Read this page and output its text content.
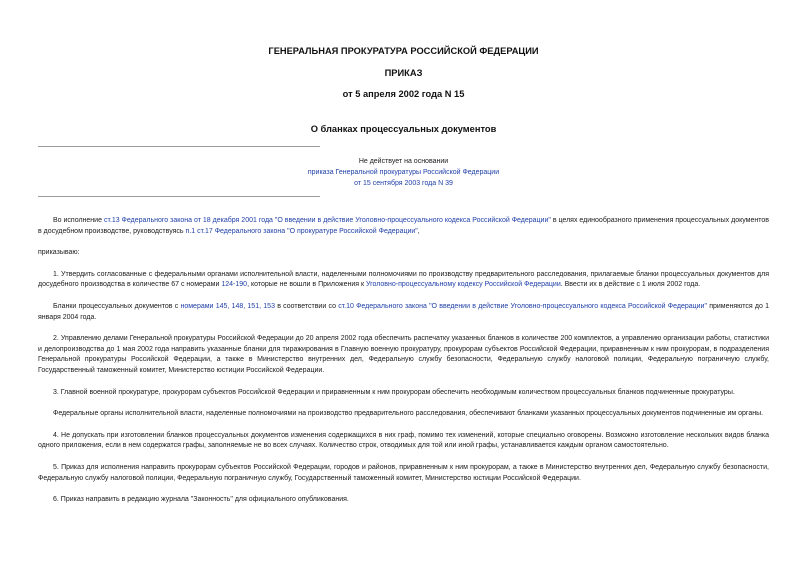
ГЕНЕРАЛЬНАЯ ПРОКУРАТУРА РОССИЙСКОЙ ФЕДЕРАЦИИ
ПРИКАЗ
от 5 апреля 2002 года N 15
О бланках процессуальных документов
Не действует на основании
приказа Генеральной прокуратуры Российской Федерации
от 15 сентября 2003 года N 39

Во исполнение ст.13 Федерального закона от 18 декабря 2001 года "О введении в действие Уголовно-процессуального кодекса Российской Федерации" в целях единообразного применения процессуальных документов в досудебном производстве, руководствуясь п.1 ст.17 Федерального закона "О прокуратуре Российской Федерации",

приказываю:

1. Утвердить согласованные с федеральными органами исполнительной власти, наделенными полномочиями по производству предварительного расследования, прилагаемые бланки процессуальных документов для досудебного производства в количестве 67 с номерами 124-190, которые не вошли в Приложения к Уголовно-процессуальному кодексу Российской Федерации. Ввести их в действие с 1 июля 2002 года.

Бланки процессуальных документов с номерами 145, 148, 151, 153 в соответствии со ст.10 Федерального закона "О введении в действие Уголовно-процессуального кодекса Российской Федерации" применяются до 1 января 2004 года.

2. Управлению делами Генеральной прокуратуры Российской Федерации до 20 апреля 2002 года обеспечить распечатку указанных бланков в количестве 200 комплектов, а управлению организации работы, статистики и делопроизводства до 1 мая 2002 года направить указанные бланки для тиражирования в Главную военную прокуратуру, прокурорам субъектов Российской Федерации, приравненным к ним прокурорам, в подразделения Генеральной прокуратуры Российской Федерации, а также в Министерство внутренних дел, Федеральную службу безопасности, Федеральную службу налоговой полиции, Федеральную пограничную службу, Государственный таможенный комитет, Министерство юстиции Российской Федерации.

3. Главной военной прокуратуре, прокурорам субъектов Российской Федерации и приравненным к ним прокурорам обеспечить необходимым количеством процессуальных бланков подчиненные прокуратуры.

Федеральные органы исполнительной власти, наделенные полномочиями на производство предварительного расследования, обеспечивают бланками указанных процессуальных документов подчиненные им органы.

4. Не допускать при изготовлении бланков процессуальных документов изменения содержащихся в них граф, помимо тех изменений, которые специально оговорены. Возможно изготовление нескольких видов бланка одного приложения, если в нем содержатся графы, заполняемые не во всех случаях. Количество строк, отводимых для той или иной графы, устанавливается каждым органом самостоятельно.

5. Приказ для исполнения направить прокурорам субъектов Российской Федерации, городов и районов, приравненным к ним прокурорам, а также в Министерство внутренних дел, Федеральную службу безопасности, Федеральную службу налоговой полиции, Федеральную пограничную службу, Государственный таможенный комитет, Министерство юстиции Российской Федерации.

6. Приказ направить в редакцию журнала "Законность" для официального опубликования.
